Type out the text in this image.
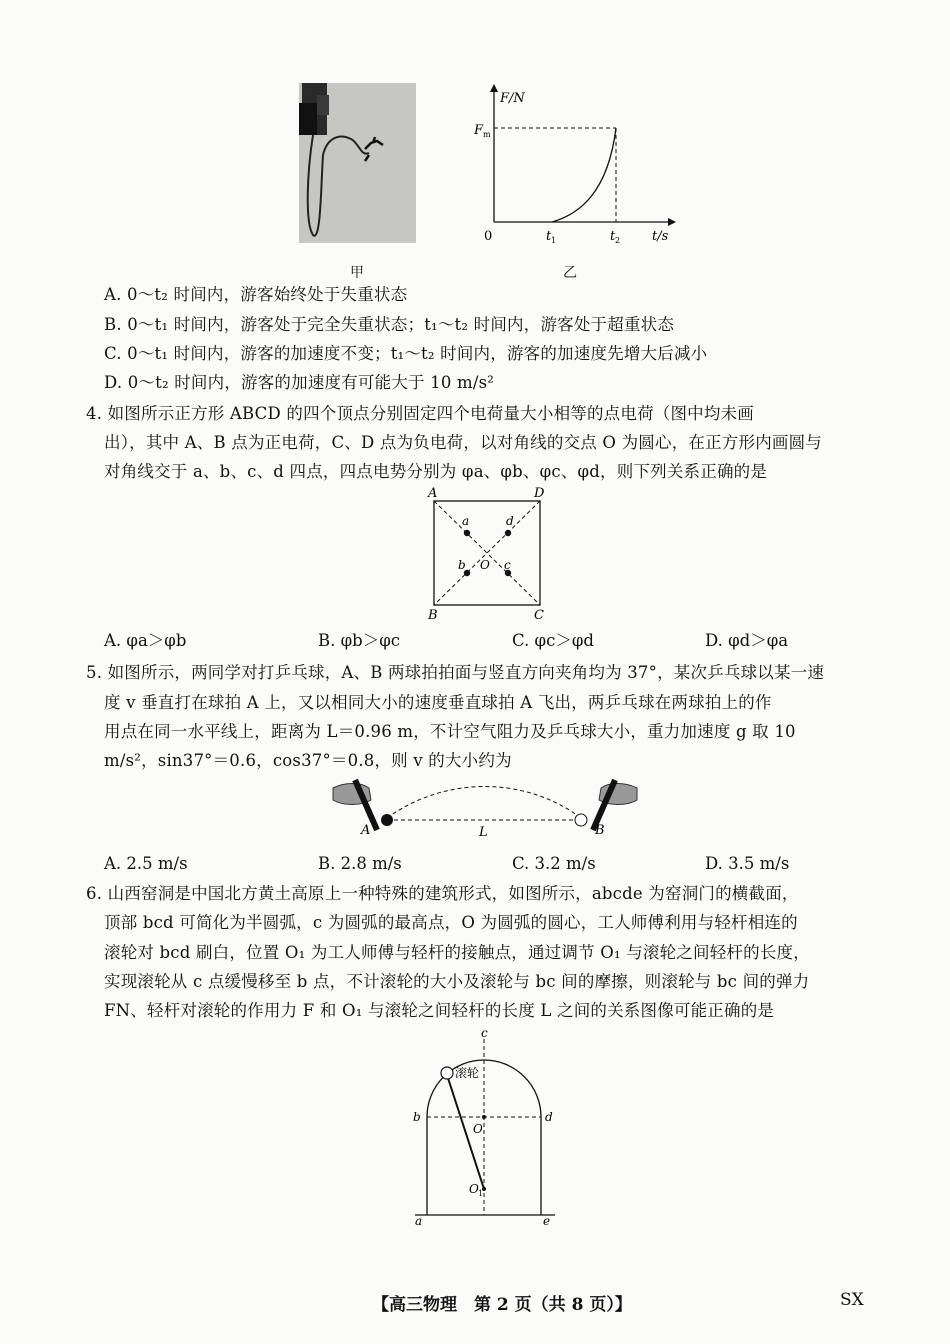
甲
F/N
F m
0	t 1	t 2 t/s
乙
A. 0～t₂ 时间内，游客始终处于失重状态
B. 0～t₁ 时间内，游客处于完全失重状态；t₁～t₂ 时间内，游客处于超重状态
C. 0～t₁ 时间内，游客的加速度不变；t₁～t₂ 时间内，游客的加速度先增大后减小
D. 0～t₂ 时间内，游客的加速度有可能大于 10 m/s²
4. 如图所示正方形 ABCD 的四个顶点分别固定四个电荷量大小相等的点电荷（图中均未画
出），其中 A、B 点为正电荷，C、D 点为负电荷，以对角线的交点 O 为圆心，在正方形内画圆与
对角线交于 a、b、c、d 四点，四点电势分别为 φa、φb、φc、φd，则下列关系正确的是
A	D
B	C
a	d
b	c
O
A. φa＞φb	B. φb＞φc	C. φc＞φd	D. φd＞φa
5. 如图所示，两同学对打乒乓球，A、B 两球拍拍面与竖直方向夹角均为 37°，某次乒乓球以某一速
度 v 垂直打在球拍 A 上，又以相同大小的速度垂直球拍 A 飞出，两乒乓球在两球拍上的作
用点在同一水平线上，距离为 L＝0.96 m，不计空气阻力及乒乓球大小，重力加速度 g 取 10
m/s²，sin37°＝0.6，cos37°＝0.8，则 v 的大小约为
A	B
L
A. 2.5 m/s	B. 2.8 m/s	C. 3.2 m/s	D. 3.5 m/s
6. 山西窑洞是中国北方黄土高原上一种特殊的建筑形式，如图所示，abcde 为窑洞门的横截面，
顶部 bcd 可简化为半圆弧，c 为圆弧的最高点，O 为圆弧的圆心，工人师傅利用与轻杆相连的
滚轮对 bcd 刷白，位置 O₁ 为工人师傅与轻杆的接触点，通过调节 O₁ 与滚轮之间轻杆的长度，
实现滚轮从 c 点缓慢移至 b 点，不计滚轮的大小及滚轮与 bc 间的摩擦，则滚轮与 bc 间的弹力
FN、轻杆对滚轮的作用力 F 和 O₁ 与滚轮之间轻杆的长度 L 之间的关系图像可能正确的是
c
b	d
O
O 1
a	e
滚轮
【高三物理　第 2 页（共 8 页）】	SX
